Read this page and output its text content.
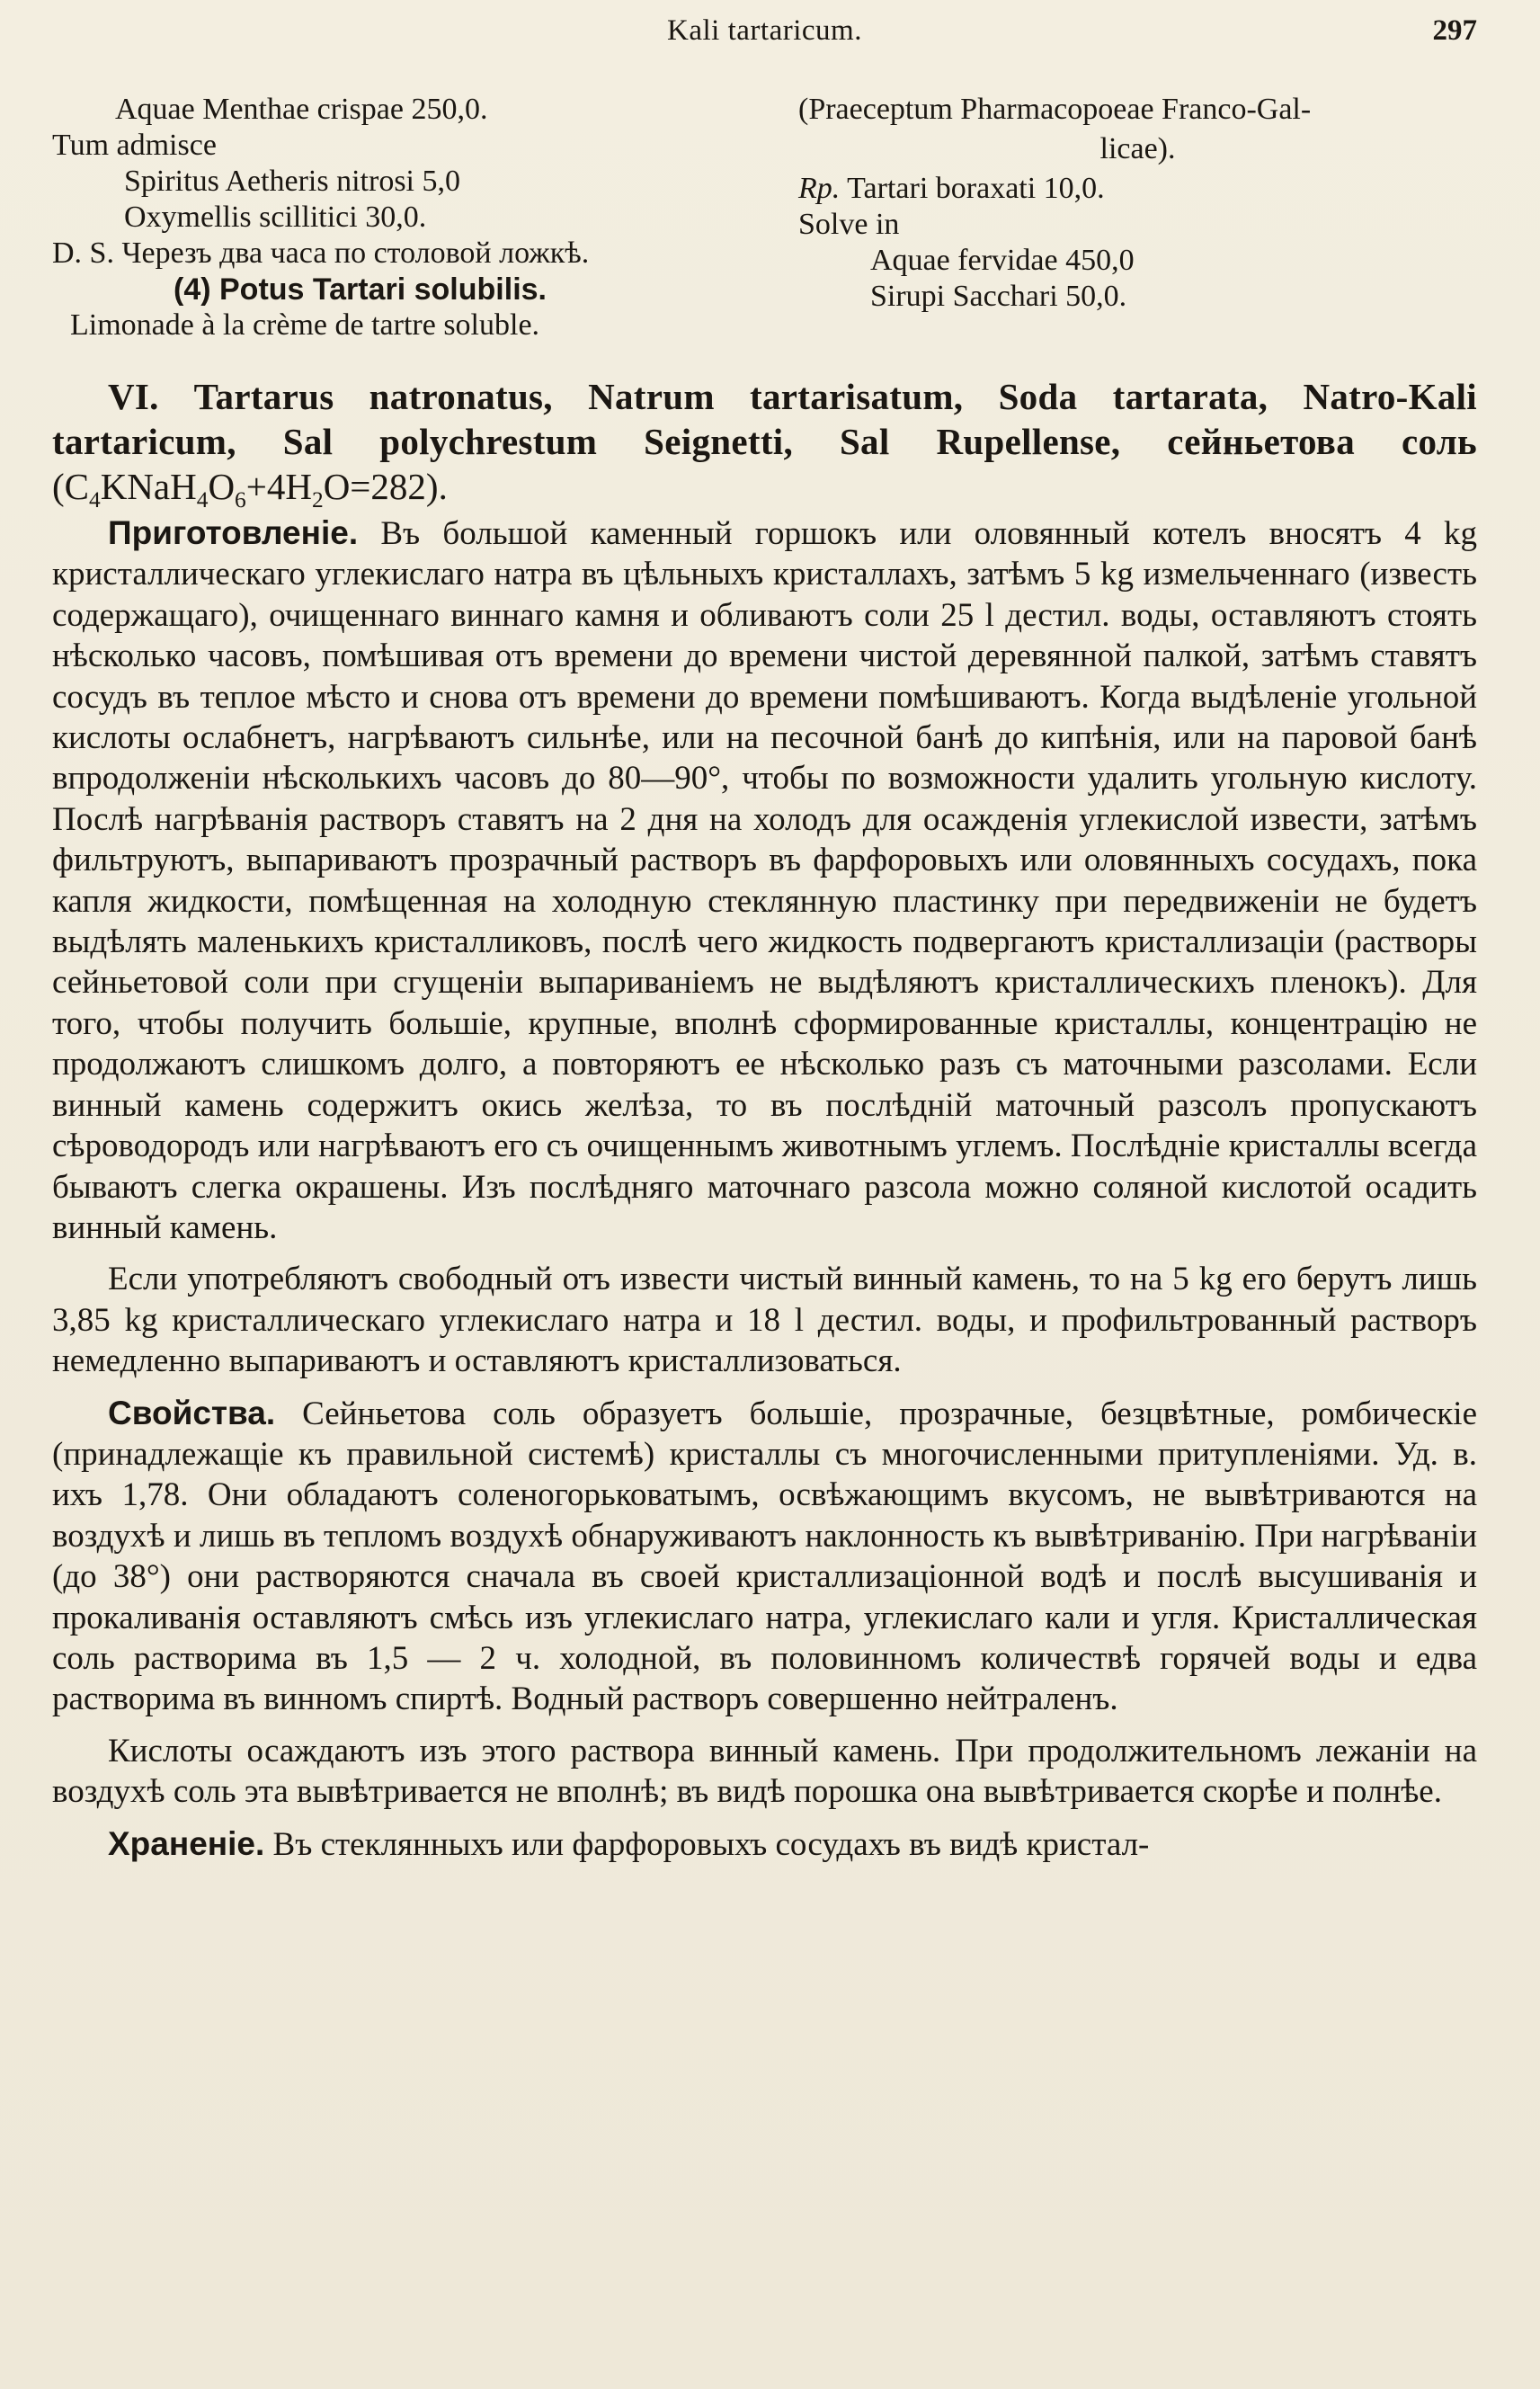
Kali tartaricum.	297
Aquae Menthae crispae 250,0.
Tum admisce
Spiritus Aetheris nitrosi 5,0
Oxymellis scillitici 30,0.
D. S. Черезъ два часа по столовой ложкѣ.
(4) Potus Tartari solubilis.
Limonade à la crème de tartre soluble.
(Praeceptum Pharmacopoeae Franco-Gal-
licae).
Rp. Tartari boraxati 10,0.
Solve in
Aquae fervidae 450,0
Sirupi Sacchari 50,0.
VI. Tartarus natronatus, Natrum tartarisatum, Soda tartarata, Natro-Kali tartaricum, Sal polychrestum Seignetti, Sal Rupellense, сейньетова соль $(C_4KNaH_4O_6+4H_2O=282)$.

Приготовленіе. Въ большой каменный горшокъ или оловянный котелъ вносятъ 4 kg кристаллическаго углекислаго натра въ цѣльныхъ кристаллахъ, затѣмъ 5 kg измельченнаго (известь содержащаго), очищеннаго виннаго камня и обливаютъ соли 25 l дестил. воды, оставляютъ стоять нѣсколько часовъ, помѣшивая отъ времени до времени чистой деревянной палкой, затѣмъ ставятъ сосудъ въ теплое мѣсто и снова отъ времени до времени помѣшиваютъ. Когда выдѣленіе угольной кислоты ослабнетъ, нагрѣваютъ сильнѣе, или на песочной банѣ до кипѣнія, или на паровой банѣ впродолженіи нѣсколькихъ часовъ до 80—90°, чтобы по возможности удалить угольную кислоту. Послѣ нагрѣванія растворъ ставятъ на 2 дня на холодъ для осажденія углекислой извести, затѣмъ фильтруютъ, выпариваютъ прозрачный растворъ въ фарфоровыхъ или оловянныхъ сосудахъ, пока капля жидкости, помѣщенная на холодную стеклянную пластинку при передвиженіи не будетъ выдѣлять маленькихъ кристалликовъ, послѣ чего жидкость подвергаютъ кристаллизаціи (растворы сейньетовой соли при сгущеніи выпариваніемъ не выдѣляютъ кристаллическихъ пленокъ). Для того, чтобы получить большіе, крупные, вполнѣ сформированные кристаллы, концентрацію не продолжаютъ слишкомъ долго, а повторяютъ ее нѣсколько разъ съ маточными разсолами. Если винный камень содержитъ окись желѣза, то въ послѣдній маточный разсолъ пропускаютъ сѣроводородъ или нагрѣваютъ его съ очищеннымъ животнымъ углемъ. Послѣдніе кристаллы всегда бываютъ слегка окрашены. Изъ послѣдняго маточнаго разсола можно соляной кислотой осадить винный камень.

Если употребляютъ свободный отъ извести чистый винный камень, то на 5 kg его берутъ лишь 3,85 kg кристаллическаго углекислаго натра и 18 l дестил. воды, и профильтрованный растворъ немедленно выпариваютъ и оставляютъ кристаллизоваться.

Свойства. Сейньетова соль образуетъ большіе, прозрачные, безцвѣтные, ромбическіе (принадлежащіе къ правильной системѣ) кристаллы съ многочисленными притупленіями. Уд. в. ихъ 1,78. Они обладаютъ соленогорьковатымъ, освѣжающимъ вкусомъ, не вывѣтриваются на воздухѣ и лишь въ тепломъ воздухѣ обнаруживаютъ наклонность къ вывѣтриванію. При нагрѣваніи (до 38°) они растворяются сначала въ своей кристаллизаціонной водѣ и послѣ высушиванія и прокаливанія оставляютъ смѣсь изъ углекислаго натра, углекислаго кали и угля. Кристаллическая соль растворима въ 1,5 — 2 ч. холодной, въ половинномъ количествѣ горячей воды и едва растворима въ винномъ спиртѣ. Водный растворъ совершенно нейтраленъ.

Кислоты осаждаютъ изъ этого раствора винный камень. При продолжительномъ лежаніи на воздухѣ соль эта вывѣтривается не вполнѣ; въ видѣ порошка она вывѣтривается скорѣе и полнѣе.

Храненіе. Въ стеклянныхъ или фарфоровыхъ сосудахъ въ видѣ кристал-
